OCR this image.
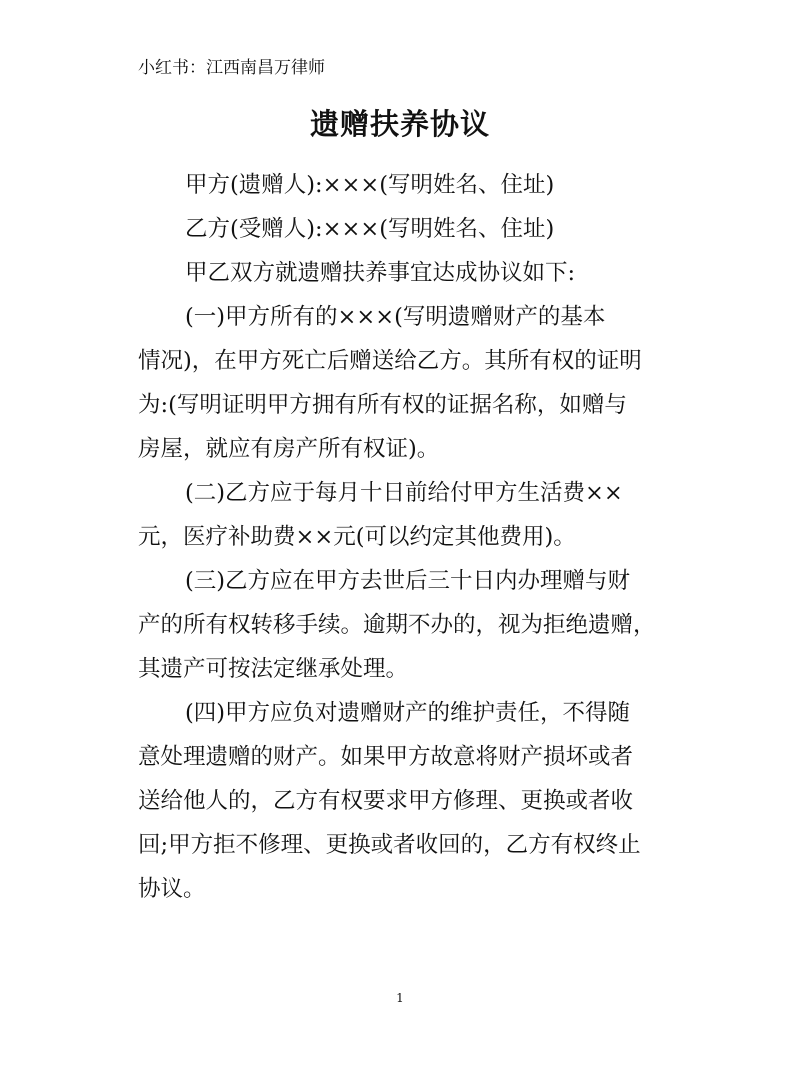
小红书：江西南昌万律师
遗赠扶养协议
甲方(遗赠人):×××(写明姓名、住址)
乙方(受赠人):×××(写明姓名、住址)
甲乙双方就遗赠扶养事宜达成协议如下:
(一)甲方所有的×××(写明遗赠财产的基本
情况)，在甲方死亡后赠送给乙方。其所有权的证明
为:(写明证明甲方拥有所有权的证据名称，如赠与
房屋，就应有房产所有权证)。
(二)乙方应于每月十日前给付甲方生活费××
元，医疗补助费××元(可以约定其他费用)。
(三)乙方应在甲方去世后三十日内办理赠与财
产的所有权转移手续。逾期不办的，视为拒绝遗赠，
其遗产可按法定继承处理。
(四)甲方应负对遗赠财产的维护责任，不得随
意处理遗赠的财产。如果甲方故意将财产损坏或者
送给他人的，乙方有权要求甲方修理、更换或者收
回;甲方拒不修理、更换或者收回的，乙方有权终止
协议。
1
